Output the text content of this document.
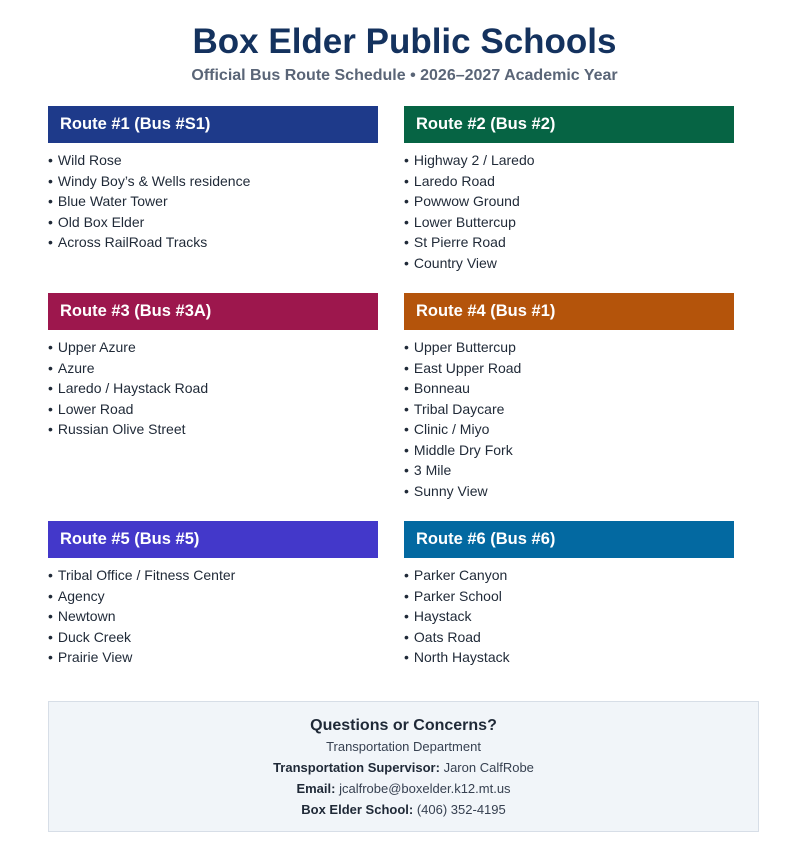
Box Elder Public Schools
Official Bus Route Schedule • 2026–2027 Academic Year
Route #1 (Bus #S1)
• Wild Rose
• Windy Boy’s & Wells residence
• Blue Water Tower
• Old Box Elder
• Across RailRoad Tracks
Route #2 (Bus #2)
• Highway 2 / Laredo
• Laredo Road
• Powwow Ground
• Lower Buttercup
• St Pierre Road
• Country View
Route #3 (Bus #3A)
• Upper Azure
• Azure
• Laredo / Haystack Road
• Lower Road
• Russian Olive Street
Route #4 (Bus #1)
• Upper Buttercup
• East Upper Road
• Bonneau
• Tribal Daycare
• Clinic / Miyo
• Middle Dry Fork
• 3 Mile
• Sunny View
Route #5 (Bus #5)
• Tribal Office / Fitness Center
• Agency
• Newtown
• Duck Creek
• Prairie View
Route #6 (Bus #6)
• Parker Canyon
• Parker School
• Haystack
• Oats Road
• North Haystack
Questions or Concerns?
Transportation Department
Transportation Supervisor: Jaron CalfRobe
Email: jcalfrobe@boxelder.k12.mt.us
Box Elder School: (406) 352-4195
